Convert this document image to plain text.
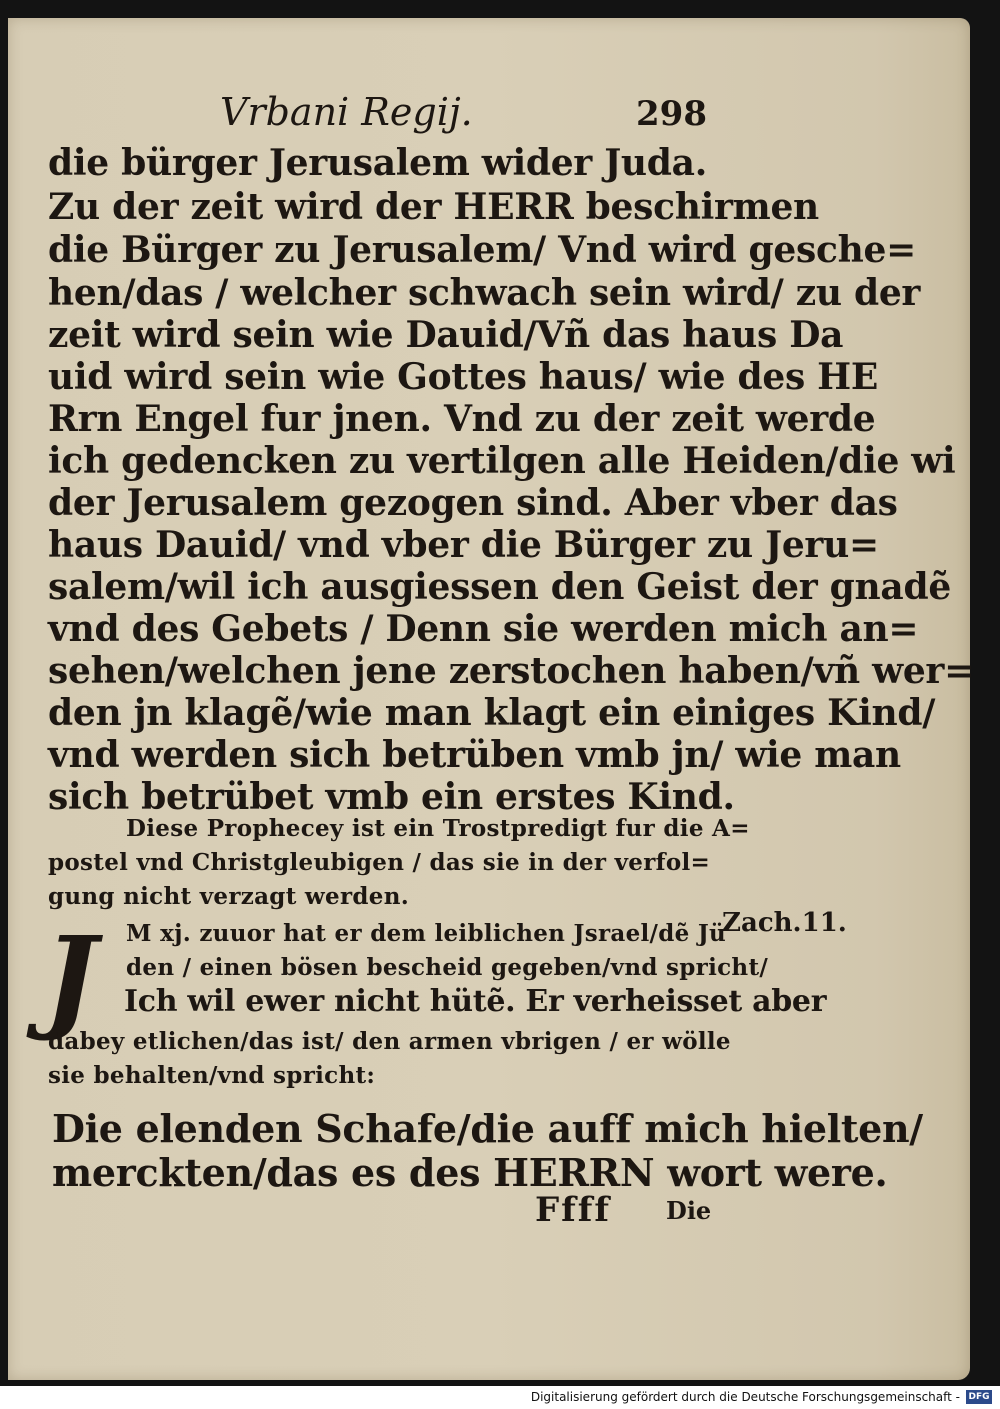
Vrbani Regij.	298
die bürger Jerusalem wider Juda.
Zu der zeit wird der HERR beschirmen
die Bürger zu Jerusalem/ Vnd wird gesche=
hen/das / welcher schwach sein wird/ zu der
zeit wird sein wie Dauid/Vñ das haus Da
uid wird sein wie Gottes haus/ wie des HE
Rrn Engel fur jnen. Vnd zu der zeit werde
ich gedencken zu vertilgen alle Heiden/die wi
der Jerusalem gezogen sind. Aber vber das
haus Dauid/ vnd vber die Bürger zu Jeru=
salem/wil ich ausgiessen den Geist der gnadẽ
vnd des Gebets / Denn sie werden mich an=
sehen/welchen jene zerstochen haben/vñ wer=
den jn klagẽ/wie man klagt ein einiges Kind/
vnd werden sich betrüben vmb jn/ wie man
sich betrübet vmb ein erstes Kind.
Diese Prophecey ist ein Trostpredigt fur die A=
postel vnd Christgleubigen / das sie in der verfol=
gung nicht verzagt werden.
Zach.11.
J M xj. zuuor hat er dem leiblichen Jsrael/dẽ Jü
den / einen bösen bescheid gegeben/vnd spricht/
Ich wil ewer nicht hütẽ. Er verheisset aber
dabey etlichen/das ist/ den armen vbrigen / er wölle
sie behalten/vnd spricht:
Die elenden Schafe/die auff mich hielten/
merckten/das es des HERRN wort were.
Ffff Die
Digitalisierung gefördert durch die Deutsche Forschungsgemeinschaft - DFG
